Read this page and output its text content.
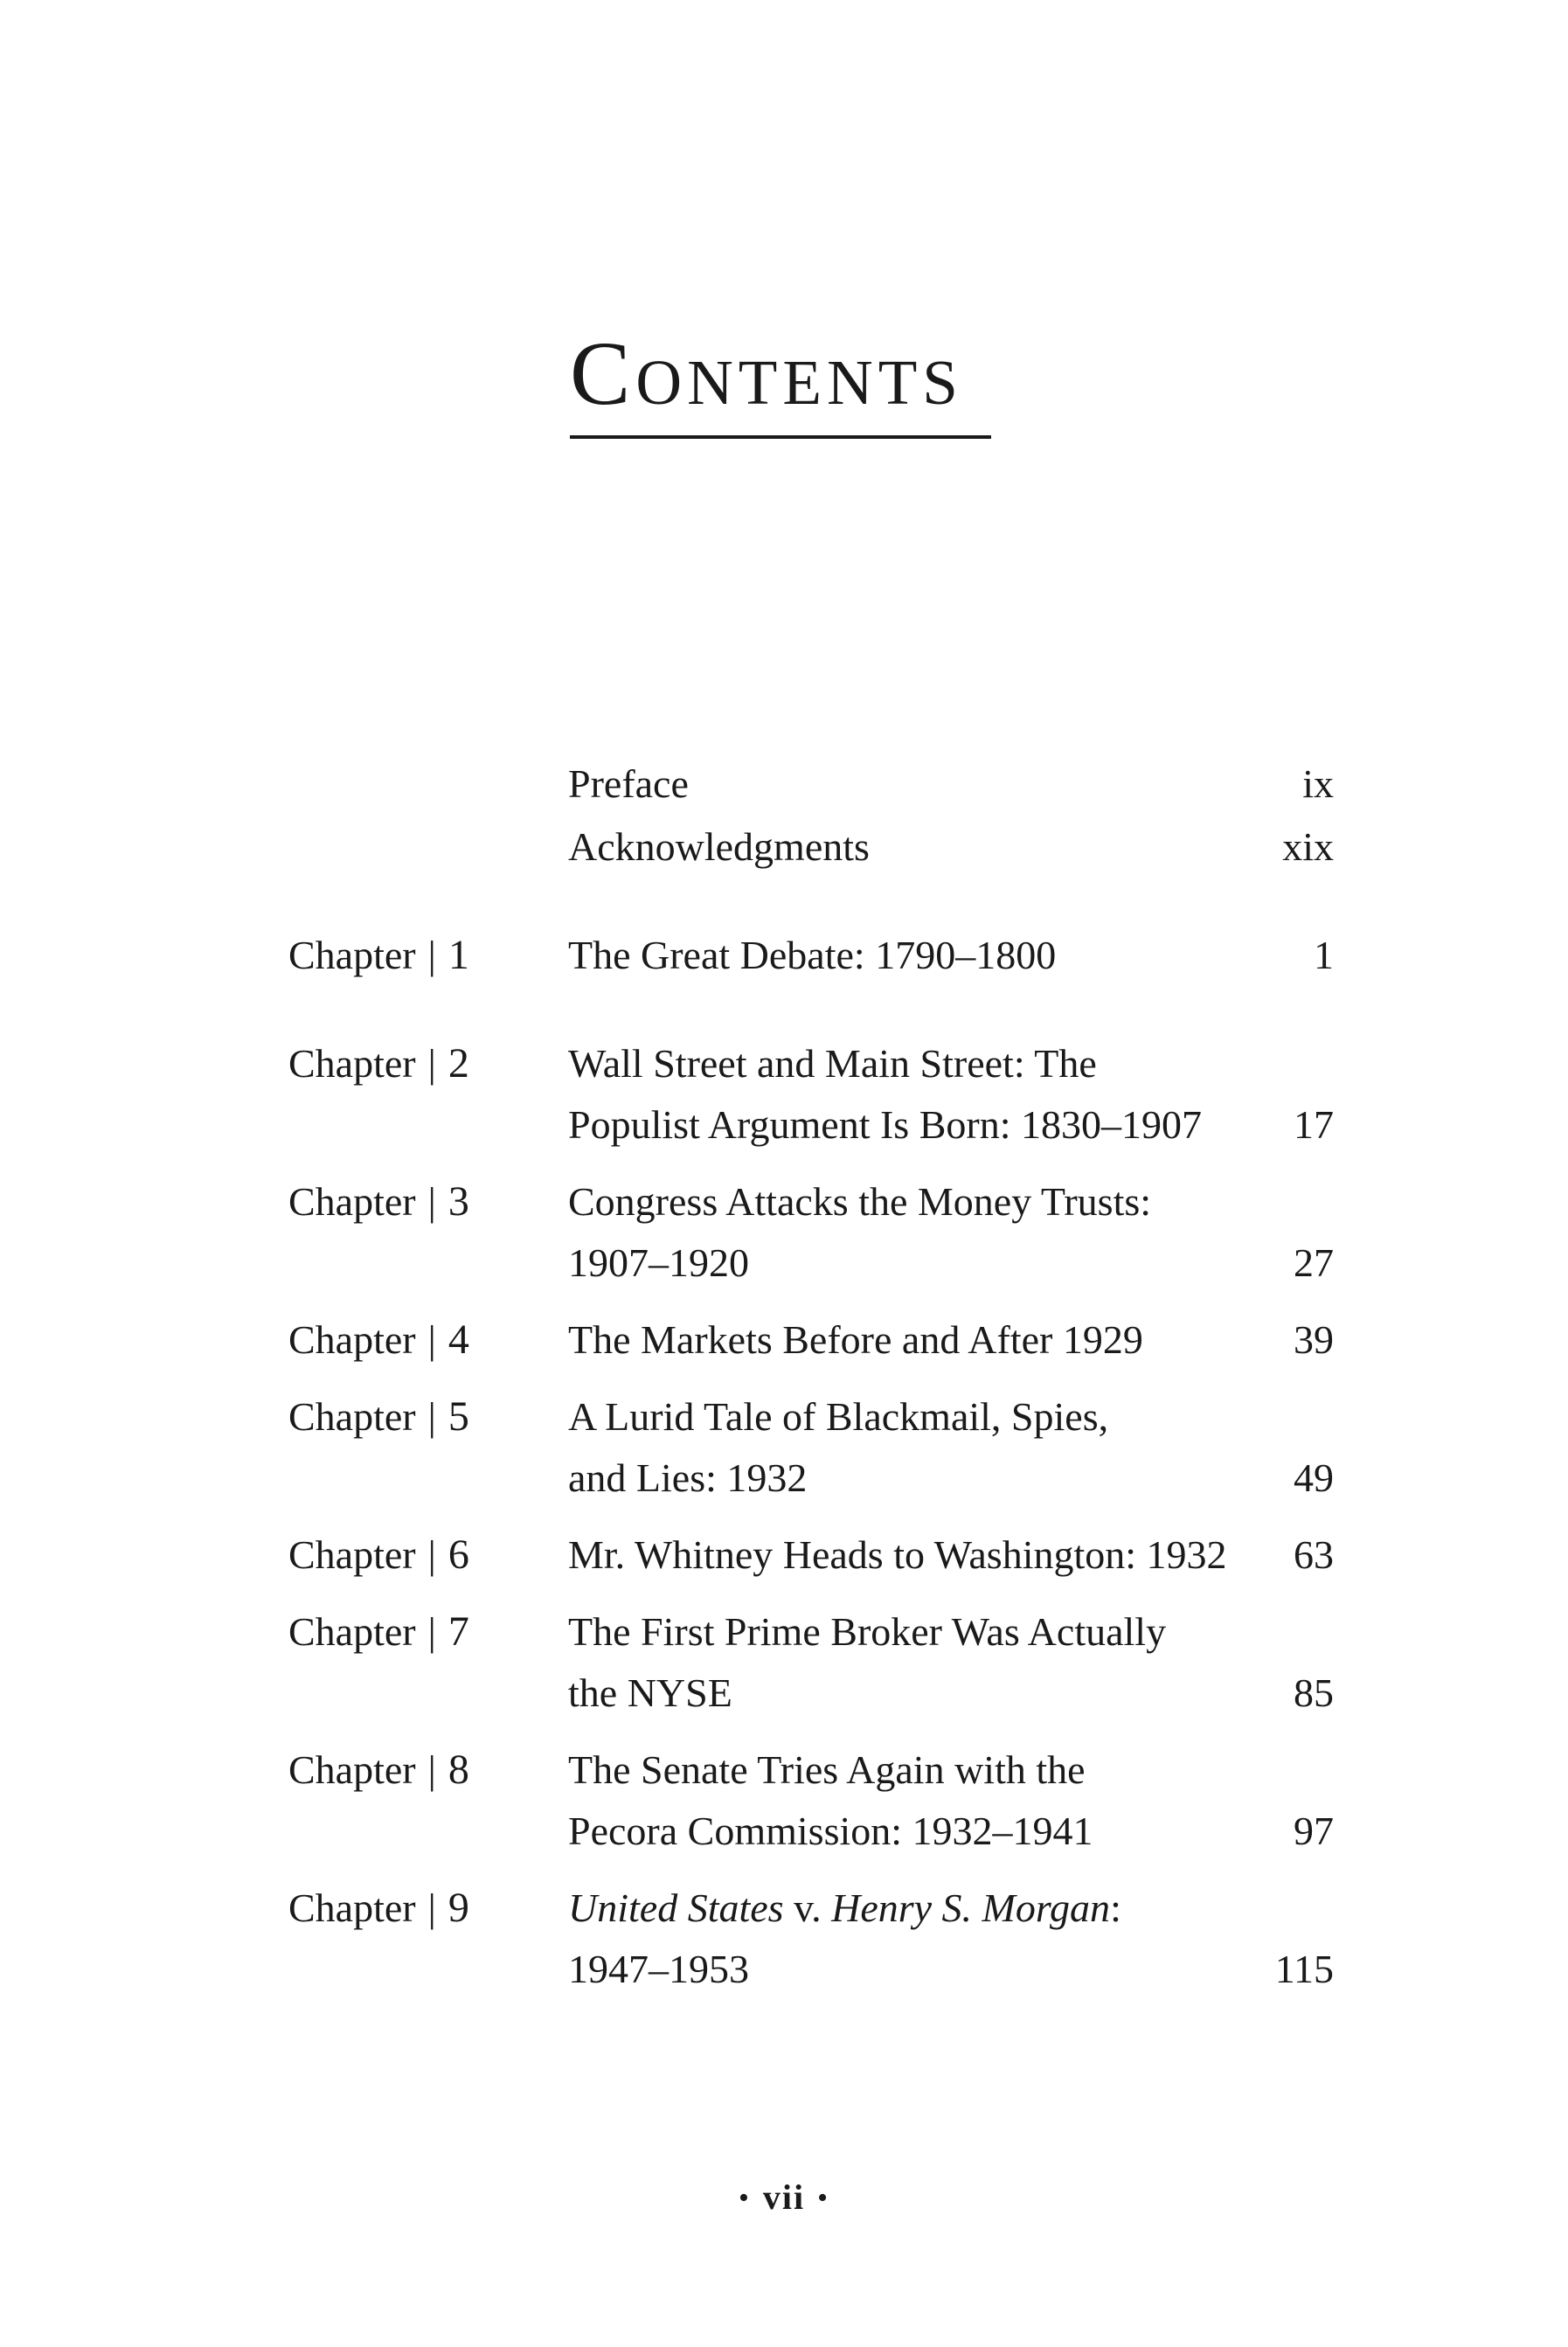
Contents
Preface	ix
Acknowledgments	xix
Chapter | 1 The Great Debate: 1790–1800	1
Chapter | 2 Wall Street and Main Street: The
Populist Argument Is Born: 1830–1907	17
Chapter | 3 Congress Attacks the Money Trusts:
1907–1920	27
Chapter | 4 The Markets Before and After 1929	39
Chapter | 5 A Lurid Tale of Blackmail, Spies,
and Lies: 1932	49
Chapter | 6 Mr. Whitney Heads to Washington: 1932	63
Chapter | 7 The First Prime Broker Was Actually
the NYSE	85
Chapter | 8 The Senate Tries Again with the
Pecora Commission: 1932–1941	97
Chapter | 9 United States v. Henry S. Morgan:
1947–1953	115
• vii •
